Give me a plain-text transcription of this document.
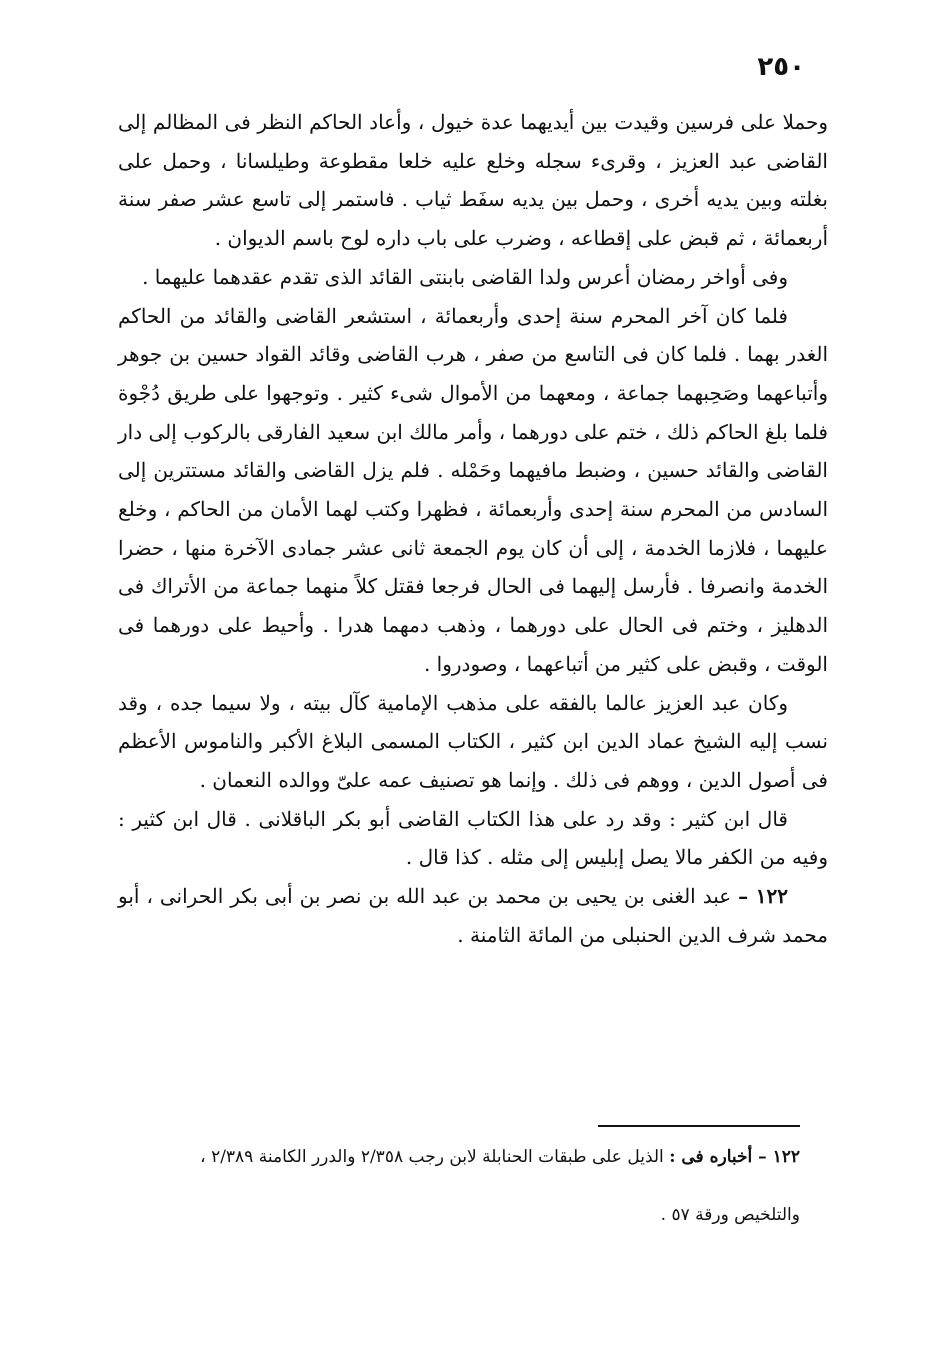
٢٥٠

وحملا على فرسين وقيدت بين أيديهما عدة خيول ، وأعاد الحاكم النظر فى المظالم إلى القاضى عبد العزيز ، وقرىء سجله وخلع عليه خلعا مقطوعة وطيلسانا ، وحمل على بغلته وبين يديه أخرى ، وحمل بين يديه سفَط ثياب . فاستمر إلى تاسع عشر صفر سنة أربعمائة ، ثم قبض على إقطاعه ، وضرب على باب داره لوح باسم الديوان .

وفى أواخر رمضان أعرس ولدا القاضى بابنتى القائد الذى تقدم عقدهما عليهما .

فلما كان آخر المحرم سنة إحدى وأربعمائة ، استشعر القاضى والقائد من الحاكم الغدر بهما . فلما كان فى التاسع من صفر ، هرب القاضى وقائد القواد حسين بن جوهر وأتباعهما وصَحِبهما جماعة ، ومعهما من الأموال شىء كثير . وتوجهوا على طريق دُجْوة فلما بلغ الحاكم ذلك ، ختم على دورهما ، وأمر مالك ابن سعيد الفارقى بالركوب إلى دار القاضى والقائد حسين ، وضبط مافيهما وحَمْله . فلم يزل القاضى والقائد مستترين إلى السادس من المحرم سنة إحدى وأربعمائة ، فظهرا وكتب لهما الأمان من الحاكم ، وخلع عليهما ، فلازما الخدمة ، إلى أن كان يوم الجمعة ثانى عشر جمادى الآخرة منها ، حضرا الخدمة وانصرفا . فأرسل إليهما فى الحال فرجعا فقتل كلاً منهما جماعة من الأتراك فى الدهليز ، وختم فى الحال على دورهما ، وذهب دمهما هدرا . وأحيط على دورهما فى الوقت ، وقبض على كثير من أتباعهما ، وصودروا .

وكان عبد العزيز عالما بالفقه على مذهب الإمامية كآل بيته ، ولا سيما جده ، وقد نسب إليه الشيخ عماد الدين ابن كثير ، الكتاب المسمى البلاغ الأكبر والناموس الأعظم فى أصول الدين ، ووهم فى ذلك . وإنما هو تصنيف عمه علىّ ووالده النعمان .

قال ابن كثير : وقد رد على هذا الكتاب القاضى أبو بكر الباقلانى . قال ابن كثير : وفيه من الكفر مالا يصل إبليس إلى مثله . كذا قال .

١٢٢ – عبد الغنى بن يحيى بن محمد بن عبد الله بن نصر بن أبى بكر الحرانى ، أبو محمد شرف الدين الحنبلى من المائة الثامنة .

١٢٢ – أخباره فى : الذيل على طبقات الحنابلة لابن رجب ٢/٣٥٨ والدرر الكامنة ٢/٣٨٩ ،

والتلخيص ورقة ٥٧ .
